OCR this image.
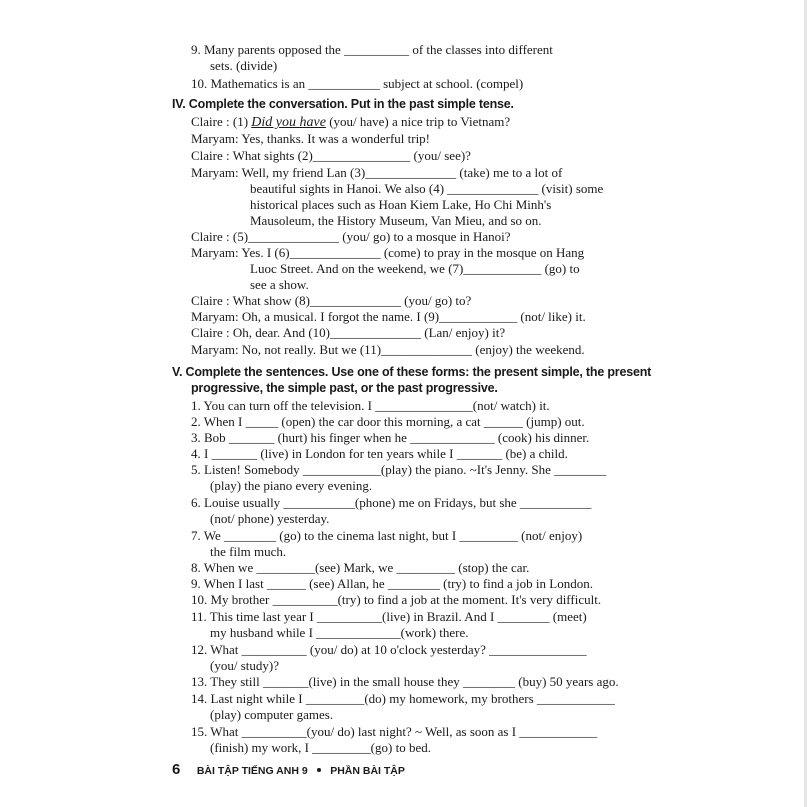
9. Many parents opposed the __________ of the classes into different
sets. (divide)
10. Mathematics is an ___________ subject at school. (compel)
IV. Complete the conversation. Put in the past simple tense.
Claire : (1) Did you have (you/ have) a nice trip to Vietnam?
Maryam: Yes, thanks. It was a wonderful trip!
Claire : What sights (2)_______________ (you/ see)?
Maryam: Well, my friend Lan (3)______________ (take) me to a lot of
beautiful sights in Hanoi. We also (4) ______________ (visit) some
historical places such as Hoan Kiem Lake, Ho Chi Minh's
Mausoleum, the History Museum, Van Mieu, and so on.
Claire : (5)______________ (you/ go) to a mosque in Hanoi?
Maryam: Yes. I (6)______________ (come) to pray in the mosque on Hang
Luoc Street. And on the weekend, we (7)____________ (go) to
see a show.
Claire : What show (8)______________ (you/ go) to?
Maryam: Oh, a musical. I forgot the name. I (9)____________ (not/ like) it.
Claire : Oh, dear. And (10)______________ (Lan/ enjoy) it?
Maryam: No, not really. But we (11)______________ (enjoy) the weekend.
V. Complete the sentences. Use one of these forms: the present simple, the present
progressive, the simple past, or the past progressive.
1. You can turn off the television. I _______________(not/ watch) it.
2. When I _____ (open) the car door this morning, a cat ______ (jump) out.
3. Bob _______ (hurt) his finger when he _____________ (cook) his dinner.
4. I _______ (live) in London for ten years while I _______ (be) a child.
5. Listen! Somebody ____________(play) the piano. ~It's Jenny. She ________
(play) the piano every evening.
6. Louise usually ___________(phone) me on Fridays, but she ___________
(not/ phone) yesterday.
7. We ________ (go) to the cinema last night, but I _________ (not/ enjoy)
the film much.
8. When we _________(see) Mark, we _________ (stop) the car.
9. When I last ______ (see) Allan, he ________ (try) to find a job in London.
10. My brother __________(try) to find a job at the moment. It's very difficult.
11. This time last year I __________(live) in Brazil. And I ________ (meet)
my husband while I _____________(work) there.
12. What __________ (you/ do) at 10 o'clock yesterday? _______________
(you/ study)?
13. They still _______(live) in the small house they ________ (buy) 50 years ago.
14. Last night while I _________(do) my homework, my brothers ____________
(play) computer games.
15. What __________(you/ do) last night? ~ Well, as soon as I ____________
(finish) my work, I _________(go) to bed.
6 BÀI TẬP TIẾNG ANH 9 PHẦN BÀI TẬP
